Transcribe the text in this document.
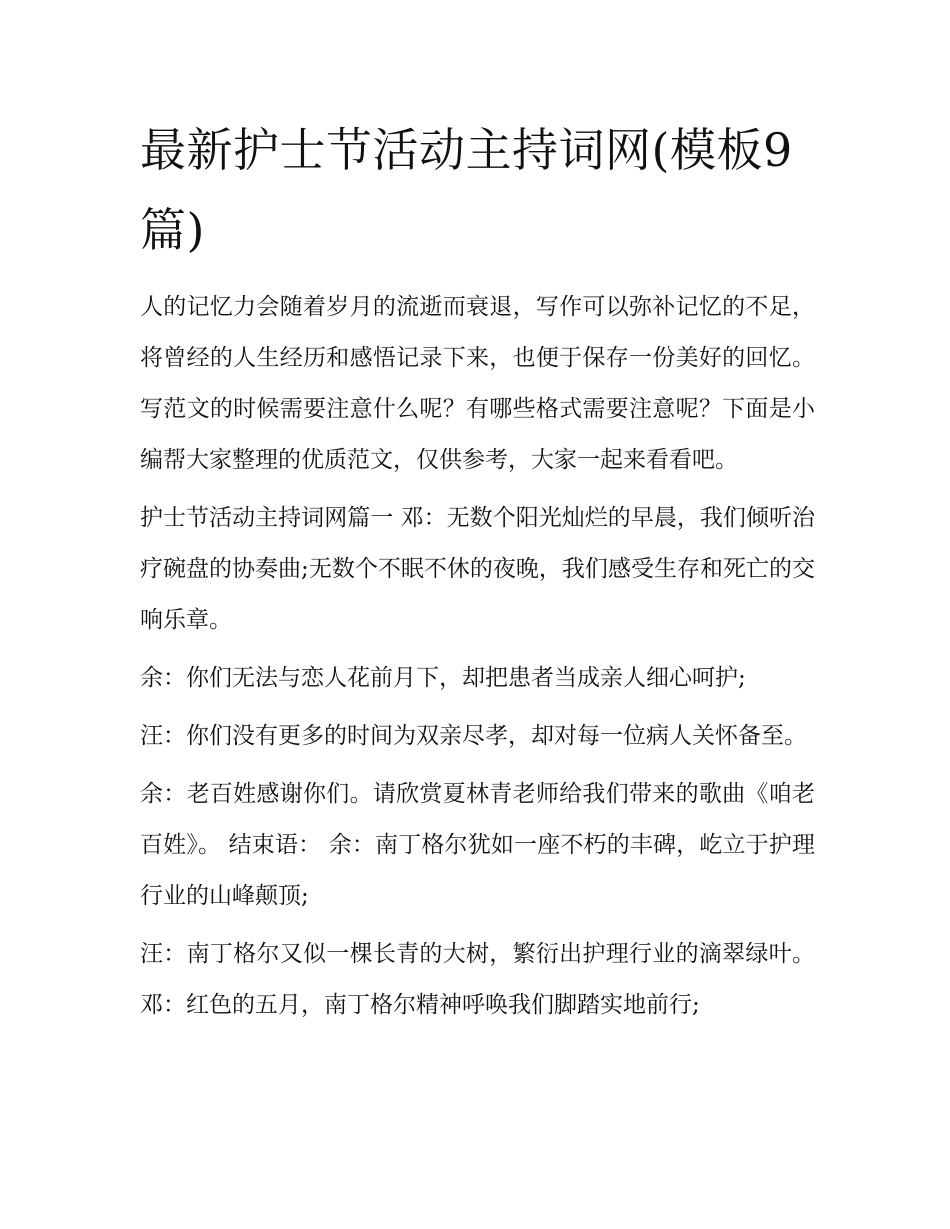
最新护士节活动主持词网(模板9篇)

人的记忆力会随着岁月的流逝而衰退，写作可以弥补记忆的不足，将曾经的人生经历和感悟记录下来，也便于保存一份美好的回忆。写范文的时候需要注意什么呢？有哪些格式需要注意呢？下面是小编帮大家整理的优质范文，仅供参考，大家一起来看看吧。

护士节活动主持词网篇一 邓：无数个阳光灿烂的早晨，我们倾听治疗碗盘的协奏曲;无数个不眠不休的夜晚，我们感受生存和死亡的交响乐章。

余：你们无法与恋人花前月下，却把患者当成亲人细心呵护;

汪：你们没有更多的时间为双亲尽孝，却对每一位病人关怀备至。

余：老百姓感谢你们。请欣赏夏林青老师给我们带来的歌曲《咱老百姓》。 结束语： 余：南丁格尔犹如一座不朽的丰碑，屹立于护理行业的山峰颠顶;

汪：南丁格尔又似一棵长青的大树，繁衍出护理行业的滴翠绿叶。 邓：红色的五月，南丁格尔精神呼唤我们脚踏实地前行;
